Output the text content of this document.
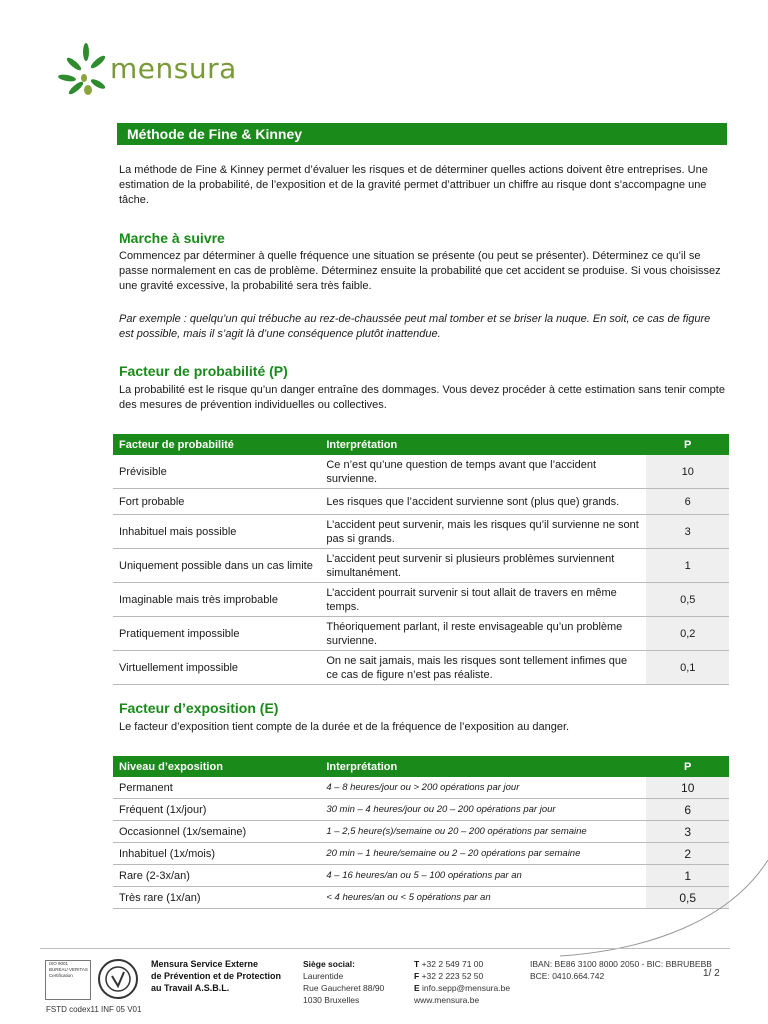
mensura
Méthode de Fine & Kinney

La méthode de Fine & Kinney permet d’évaluer les risques et de déterminer quelles actions doivent être entreprises. Une estimation de la probabilité, de l’exposition et de la gravité permet d’attribuer un chiffre au risque dont s’accompagne une tâche.

Marche à suivre

Commencez par déterminer à quelle fréquence une situation se présente (ou peut se présenter). Déterminez ce qu’il se passe normalement en cas de problème. Déterminez ensuite la probabilité que cet accident se produise. Si vous choisissez une gravité excessive, la probabilité sera très faible.

Par exemple : quelqu’un qui trébuche au rez-de-chaussée peut mal tomber et se briser la nuque. En soit, ce cas de figure est possible, mais il s’agit là d’une conséquence plutôt inattendue.

Facteur de probabilité (P)

La probabilité est le risque qu’un danger entraîne des dommages. Vous devez procéder à cette estimation sans tenir compte des mesures de prévention individuelles ou collectives.

Facteur de probabilité	Interprétation	P
Prévisible	Ce n’est qu’une question de temps avant que l’accident survienne.	10
Fort probable	Les risques que l’accident survienne sont (plus que) grands.	6
Inhabituel mais possible	L’accident peut survenir, mais les risques qu’il survienne ne sont pas si grands.	3
Uniquement possible dans un cas limite	L’accident peut survenir si plusieurs problèmes surviennent simultanément.	1
Imaginable mais très improbable	L’accident pourrait survenir si tout allait de travers en même temps.	0,5
Pratiquement impossible	Théoriquement parlant, il reste envisageable qu’un problème survienne.	0,2
Virtuellement impossible	On ne sait jamais, mais les risques sont tellement infimes que ce cas de figure n’est pas réaliste.	0,1
Facteur d’exposition (E)

Le facteur d’exposition tient compte de la durée et de la fréquence de l’exposition au danger.

Niveau d’exposition	Interprétation	P
Permanent	4 – 8 heures/jour ou > 200 opérations par jour	10
Fréquent (1x/jour)	30 min – 4 heures/jour ou 20 – 200 opérations par jour	6
Occasionnel (1x/semaine)	1 – 2,5 heure(s)/semaine ou 20 – 200 opérations par semaine	3
Inhabituel (1x/mois)	20 min – 1 heure/semaine ou 2 – 20 opérations par semaine	2
Rare (2-3x/an)	4 – 16 heures/an ou 5 – 100 opérations par an	1
Très rare (1x/an)	< 4 heures/an ou < 5 opérations par an	0,5
ISO 9001
BUREAU VERITAS
Certification
Mensura Service Externe
de Prévention et de Protection
au Travail A.S.B.L.
Siège social:
Laurentide
Rue Gaucheret 88/90
1030 Bruxelles
T +32 2 549 71 00
F +32 2 223 52 50
E info.sepp@mensura.be
www.mensura.be
IBAN: BE86 3100 8000 2050 - BIC: BBRUBEBB
BCE: 0410.664.742	1/ 2
FSTD codex11 INF 05 V01
